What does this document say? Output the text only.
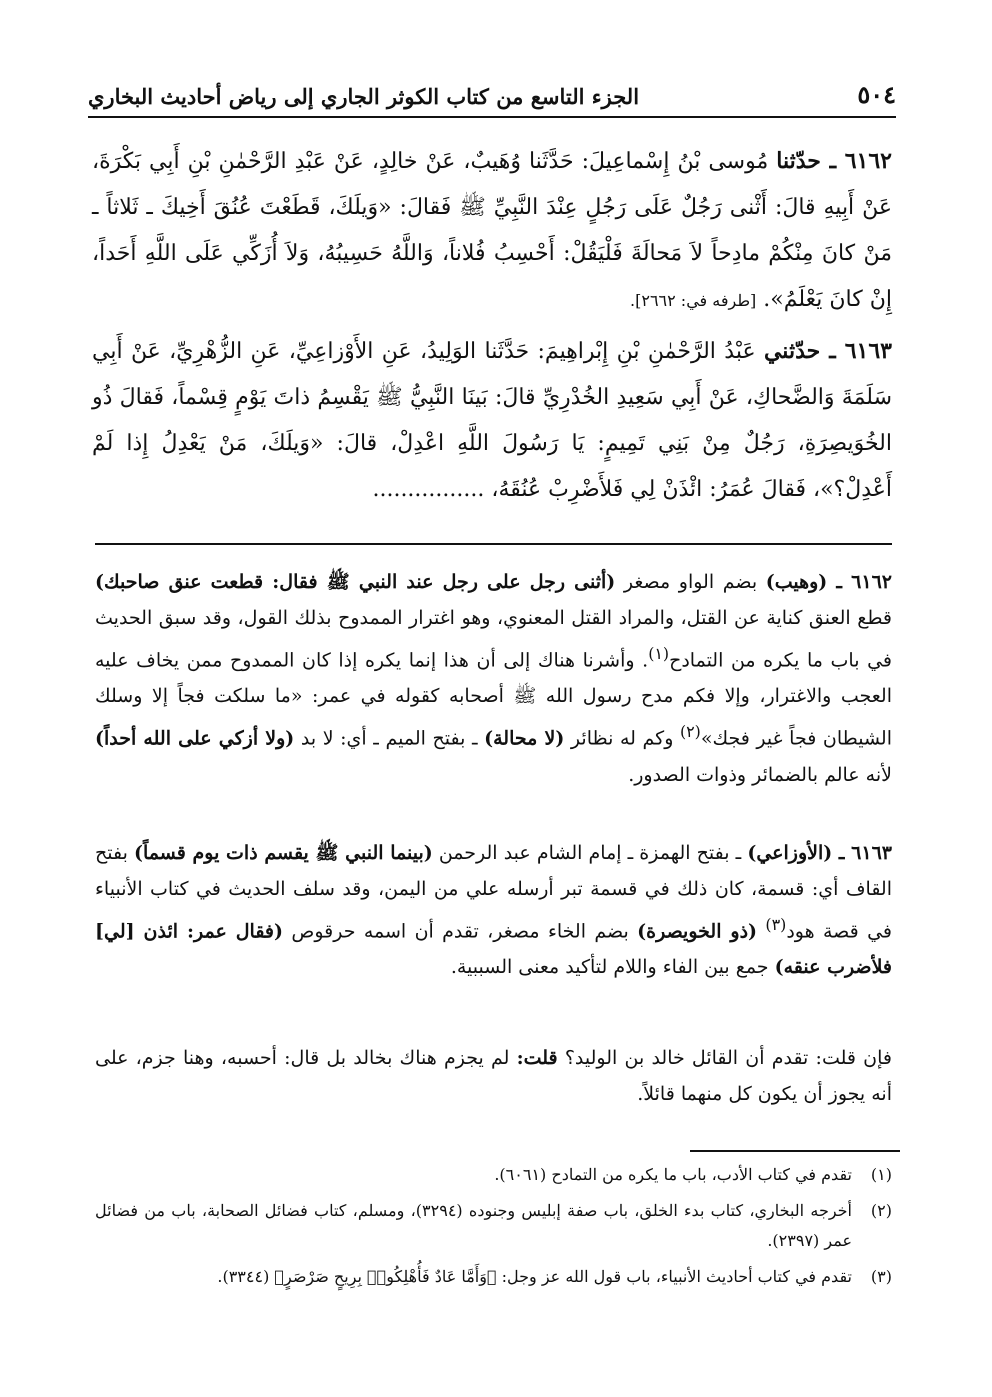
٥٠٤
الجزء التاسع من كتاب الكوثر الجاري إلى رياض أحاديث البخاري
٦١٦٢ ـ حدّثنا مُوسى بْنُ إِسْماعِيلَ: حَدَّثَنا وُهَيبٌ، عَنْ خالِدٍ، عَنْ عَبْدِ الرَّحْمٰنِ بْنِ أَبِي بَكْرَةَ، عَنْ أَبِيهِ قالَ: أَثْنى رَجُلٌ عَلَى رَجُلٍ عِنْدَ النَّبِيِّ ﷺ فَقالَ: «وَيلَكَ، قَطَعْتَ عُنُقَ أَخِيكَ ـ ثَلاثاً ـ مَنْ كانَ مِنْكُمْ مادِحاً لاَ مَحالَةَ فَلْيَقُلْ: أَحْسِبُ فُلاناً، وَاللَّهُ حَسِيبُهُ، وَلاَ أُزَكِّي عَلَى اللَّهِ أَحَداً، إِنْ كانَ يَعْلَمُ». [طرفه في: ٢٦٦٢].
٦١٦٣ ـ حدّثني عَبْدُ الرَّحْمٰنِ بْنِ إِبْراهِيمَ: حَدَّثَنا الوَلِيدُ، عَنِ الأَوْزاعِيِّ، عَنِ الزُّهْرِيِّ، عَنْ أَبِي سَلَمَةَ وَالضَّحاكِ، عَنْ أَبِي سَعِيدِ الخُدْرِيِّ قالَ: بَينَا النَّبِيُّ ﷺ يَقْسِمُ ذاتَ يَوْمٍ قِسْماً، فَقالَ ذُو الخُوَيصِرَةِ، رَجُلٌ مِنْ بَنِي تَمِيمٍ: يَا رَسُولَ اللَّهِ اعْدِلْ، قالَ: «وَيلَكَ، مَنْ يَعْدِلُ إِذا لَمْ أَعْدِلْ؟»، فَقالَ عُمَرُ: ائْذَنْ لِي فَلأَضْرِبْ عُنُقَهُ، ................
٦١٦٢ ـ (وهيب) بضم الواو مصغر (أثنى رجل على رجل عند النبي ﷺ فقال: قطعت عنق صاحبك) قطع العنق كناية عن القتل، والمراد القتل المعنوي، وهو اغترار الممدوح بذلك القول، وقد سبق الحديث في باب ما يكره من التمادح$^{(١)}$. وأشرنا هناك إلى أن هذا إنما يكره إذا كان الممدوح ممن يخاف عليه العجب والاغترار، وإلا فكم مدح رسول الله ﷺ أصحابه كقوله في عمر: «ما سلكت فجاً إلا وسلك الشيطان فجاً غير فجك»$^{(٢)}$ وكم له نظائر (لا محالة) ـ بفتح الميم ـ أي: لا بد (ولا أزكي على الله أحداً) لأنه عالم بالضمائر وذوات الصدور.
٦١٦٣ ـ (الأوزاعي) ـ بفتح الهمزة ـ إمام الشام عبد الرحمن (بينما النبي ﷺ يقسم ذات يوم قسماً) بفتح القاف أي: قسمة، كان ذلك في قسمة تبر أرسله علي من اليمن، وقد سلف الحديث في كتاب الأنبياء في قصة هود$^{(٣)}$ (ذو الخويصرة) بضم الخاء مصغر، تقدم أن اسمه حرقوص (فقال عمر: ائذن [لي] فلأضرب عنقه) جمع بين الفاء واللام لتأكيد معنى السببية.
فإن قلت: تقدم أن القائل خالد بن الوليد؟ قلت: لم يجزم هناك بخالد بل قال: أحسبه، وهنا جزم، على أنه يجوز أن يكون كل منهما قائلاً.
(١)
تقدم في كتاب الأدب، باب ما يكره من التمادح (٦٠٦١).
(٢)
أخرجه البخاري، كتاب بدء الخلق، باب صفة إبليس وجنوده (٣٢٩٤)، ومسلم، كتاب فضائل الصحابة، باب من فضائل عمر (٢٣٩٧).
(٣)
تقدم في كتاب أحاديث الأنبياء، باب قول الله عز وجل: ﴿وَأَمَّا عَادٌ فَأُهْلِكُوا۟ بِرِيحٍ صَرْصَرٍ﴾ (٣٣٤٤).
